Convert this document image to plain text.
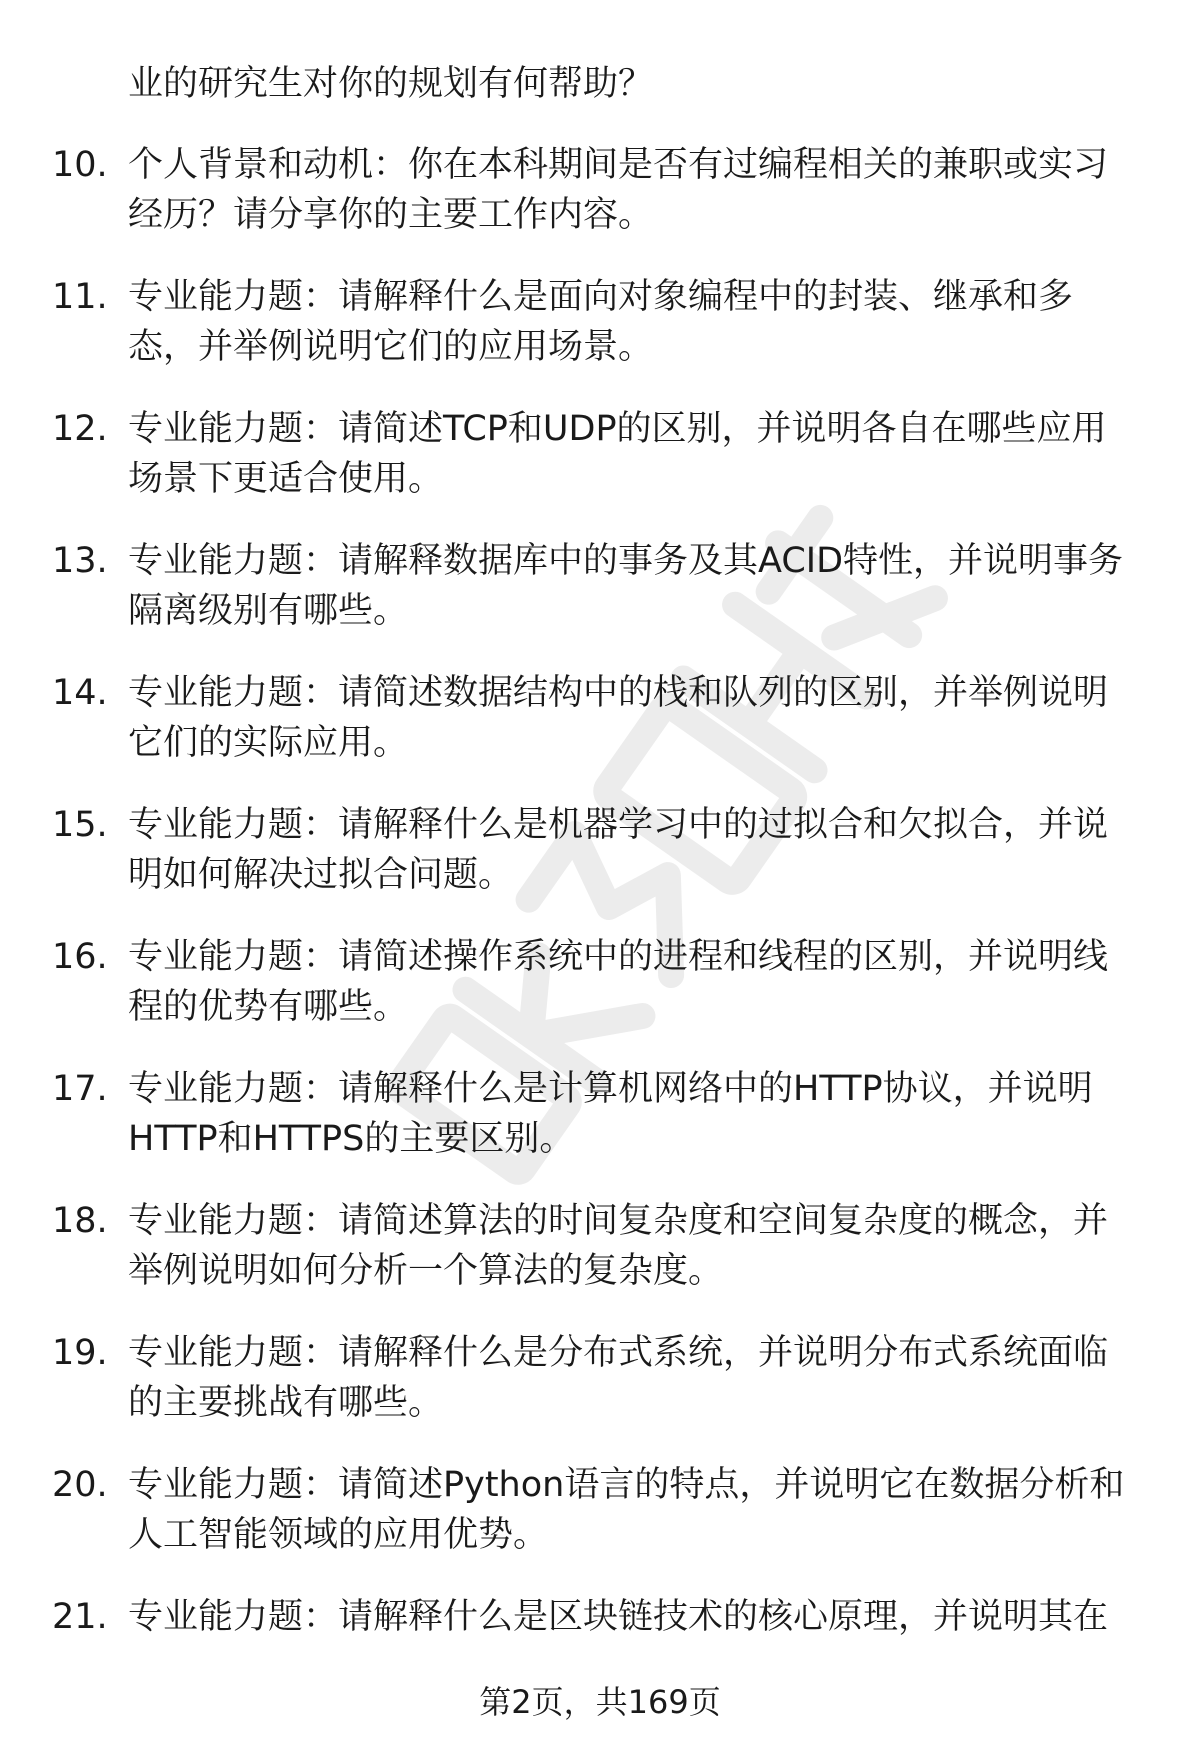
业的研究生对你的规划有何帮助？
10. 个人背景和动机：你在本科期间是否有过编程相关的兼职或实习
经历？请分享你的主要工作内容。
11. 专业能力题：请解释什么是面向对象编程中的封装、继承和多
态，并举例说明它们的应用场景。
12. 专业能力题：请简述TCP和UDP的区别，并说明各自在哪些应用
场景下更适合使用。
13. 专业能力题：请解释数据库中的事务及其ACID特性，并说明事务
隔离级别有哪些。
14. 专业能力题：请简述数据结构中的栈和队列的区别，并举例说明
它们的实际应用。
15. 专业能力题：请解释什么是机器学习中的过拟合和欠拟合，并说
明如何解决过拟合问题。
16. 专业能力题：请简述操作系统中的进程和线程的区别，并说明线
程的优势有哪些。
17. 专业能力题：请解释什么是计算机网络中的HTTP协议，并说明
HTTP和HTTPS的主要区别。
18. 专业能力题：请简述算法的时间复杂度和空间复杂度的概念，并
举例说明如何分析一个算法的复杂度。
19. 专业能力题：请解释什么是分布式系统，并说明分布式系统面临
的主要挑战有哪些。
20. 专业能力题：请简述Python语言的特点，并说明它在数据分析和
人工智能领域的应用优势。
21. 专业能力题：请解释什么是区块链技术的核心原理，并说明其在
第2页，共169页
